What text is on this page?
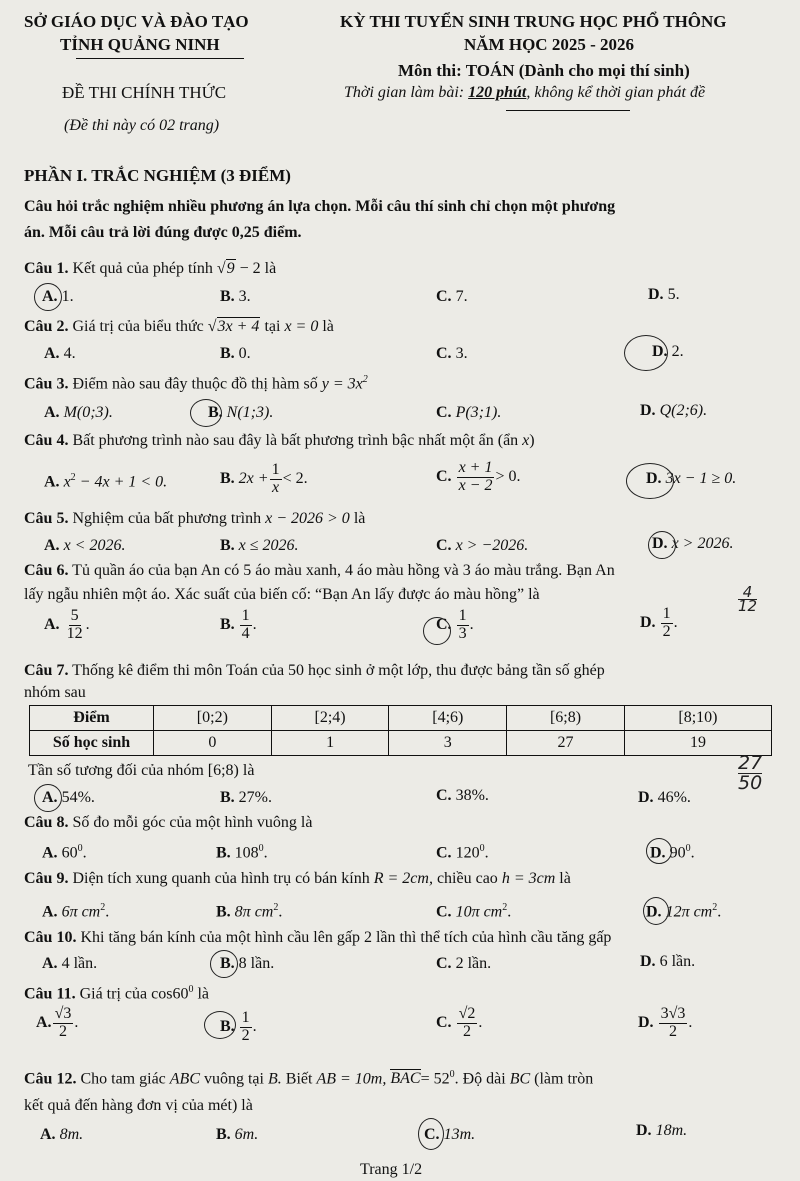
SỞ GIÁO DỤC VÀ ĐÀO TẠO
TỈNH QUẢNG NINH
KỲ THI TUYỂN SINH TRUNG HỌC PHỔ THÔNG
NĂM HỌC 2025 - 2026
ĐỀ THI CHÍNH THỨC
(Đề thi này có 02 trang)
Môn thi: TOÁN (Dành cho mọi thí sinh)
Thời gian làm bài: 120 phút, không kể thời gian phát đề
PHẦN I. TRẮC NGHIỆM (3 ĐIỂM)
Câu hỏi trắc nghiệm nhiều phương án lựa chọn. Mỗi câu thí sinh chỉ chọn một phương
án. Mỗi câu trả lời đúng được 0,25 điểm.
Câu 1. Kết quả của phép tính √9 − 2 là
A. 1.	B. 3.	C. 7.	D. 5.
Câu 2. Giá trị của biểu thức √3x + 4 tại x = 0 là
A. 4.	B. 0.	C. 3.	D. 2.
Câu 3. Điểm nào sau đây thuộc đồ thị hàm số $y = 3x^2$
A. M(0;3).	B. N(1;3).	C. P(3;1).	D. Q(2;6).
Câu 4. Bất phương trình nào sau đây là bất phương trình bậc nhất một ẩn (ẩn x)
A. $x^2 - 4x + 1 < 0$.	B. $2x + \frac{1}{x} < 2$.	C. $\frac{x + 1}{x - 2} > 0$.	D. 3x − 1 ≥ 0.
Câu 5. Nghiệm của bất phương trình x − 2026 > 0 là
A. x < 2026.	B. x ≤ 2026.	C. x > −2026.	D. x > 2026.
Câu 6. Tủ quần áo của bạn An có 5 áo màu xanh, 4 áo màu hồng và 3 áo màu trắng. Bạn An
lấy ngẫu nhiên một áo. Xác suất của biến cố: “Bạn An lấy được áo màu hồng” là
A. $\frac{5}{12}$ .	B. $\frac{1}{4}$ .	C. $\frac{1}{3}$ .	D. $\frac{1}{2}$ .
$\frac{4}{12}$
Câu 7. Thống kê điểm thi môn Toán của 50 học sinh ở một lớp, thu được bảng tần số ghép
nhóm sau
Điểm	[0;2)	[2;4)	[4;6)	[6;8)	[8;10)
Số học sinh	0	1	3	27	19
Tần số tương đối của nhóm [6;8) là
A. 54%.	B. 27%.	C. 38%.	D. 46%.
$\frac{27}{50}$
Câu 8. Số đo mỗi góc của một hình vuông là
A. $60^0$.	B. $108^0$.	C. $120^0$.	D. $90^0$.
Câu 9. Diện tích xung quanh của hình trụ có bán kính R = 2cm, chiều cao h = 3cm là
A. 6π $cm^2$.	B. 8π $cm^2$.	C. 10π $cm^2$.	D. 12π $cm^2$.
Câu 10. Khi tăng bán kính của một hình cầu lên gấp 2 lần thì thể tích của hình cầu tăng gấp
A. 4 lần.	B. 8 lần.	C. 2 lần.	D. 6 lần.
Câu 11. Giá trị của $\cos 60^0$ là
A. $\frac{√3}{2}$ .	B. $\frac{1}{2}$ .	C. $\frac{√2}{2}$ .	D. $\frac{3√3}{2}$ .
Câu 12. Cho tam giác ABC vuông tại B. Biết AB = 10m, $BAC= 52^0$. Độ dài BC (làm tròn
kết quả đến hàng đơn vị của mét) là
A. 8m.	B. 6m.	C. 13m.	D. 18m.
Trang 1/2
